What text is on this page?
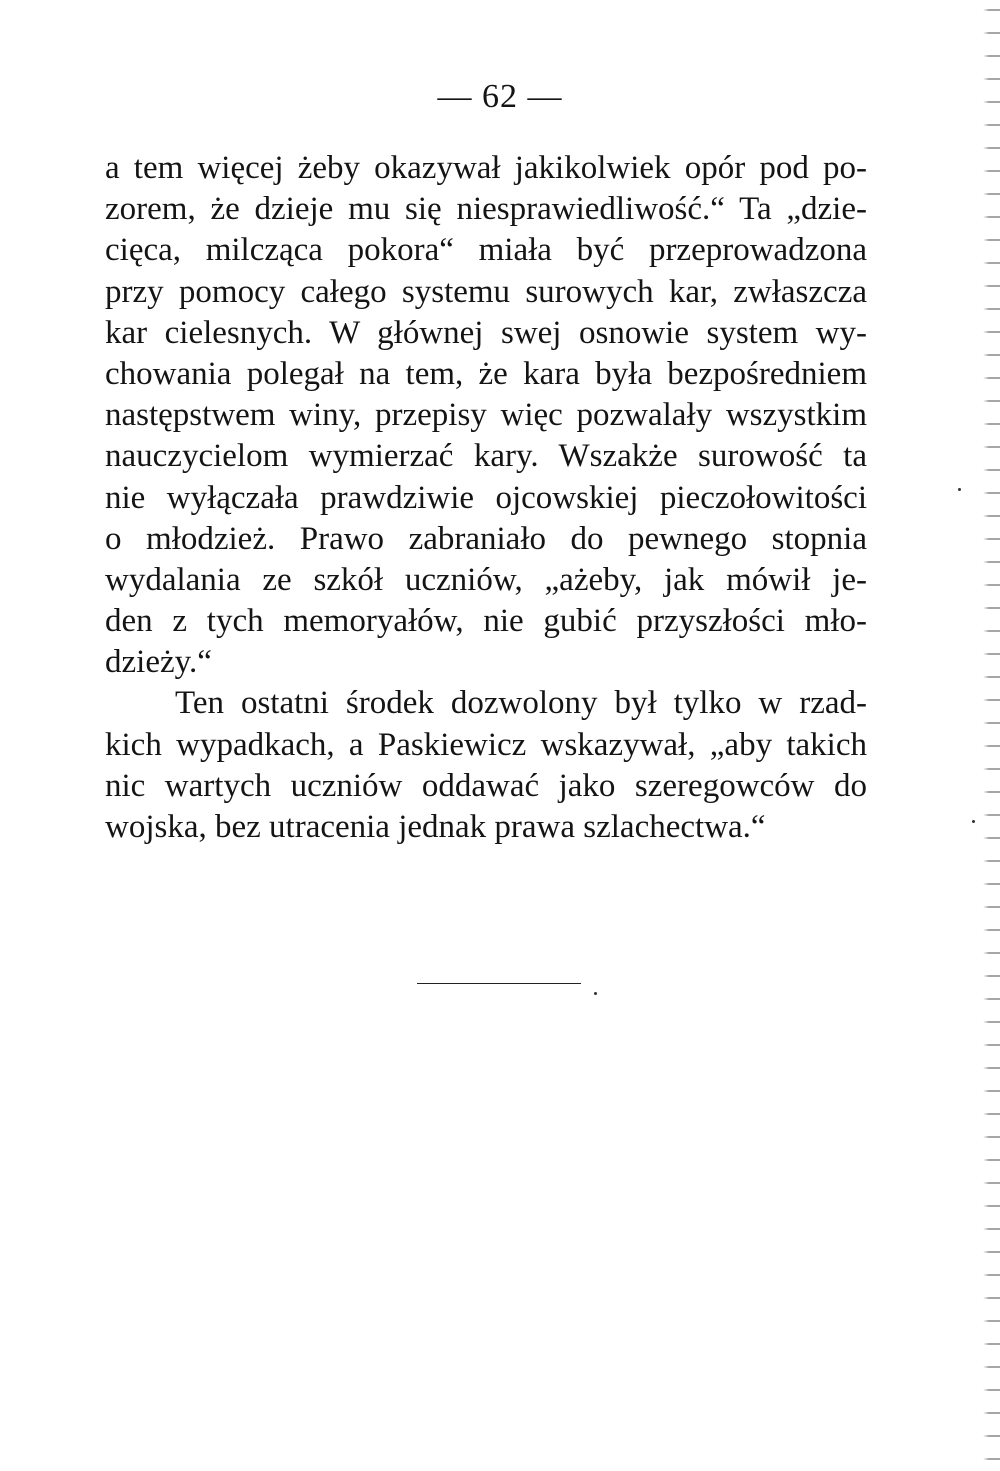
— 62 —
a tem więcej żeby okazywał jakikolwiek opór pod po-
zorem, że dzieje mu się niesprawiedliwość.“ Ta „dzie-
cięca, milcząca pokora“ miała być przeprowadzona
przy pomocy całego systemu surowych kar, zwłaszcza
kar cielesnych. W głównej swej osnowie system wy-
chowania polegał na tem, że kara była bezpośredniem
następstwem winy, przepisy więc pozwalały wszystkim
nauczycielom wymierzać kary. Wszakże surowość ta
nie wyłączała prawdziwie ojcowskiej pieczołowitości
o młodzież. Prawo zabraniało do pewnego stopnia
wydalania ze szkół uczniów, „ażeby, jak mówił je-
den z tych memoryałów, nie gubić przyszłości mło-
dzieży.“
Ten ostatni środek dozwolony był tylko w rzad-
kich wypadkach, a Paskiewicz wskazywał, „aby takich
nic wartych uczniów oddawać jako szeregowców do
wojska, bez utracenia jednak prawa szlachectwa.“
